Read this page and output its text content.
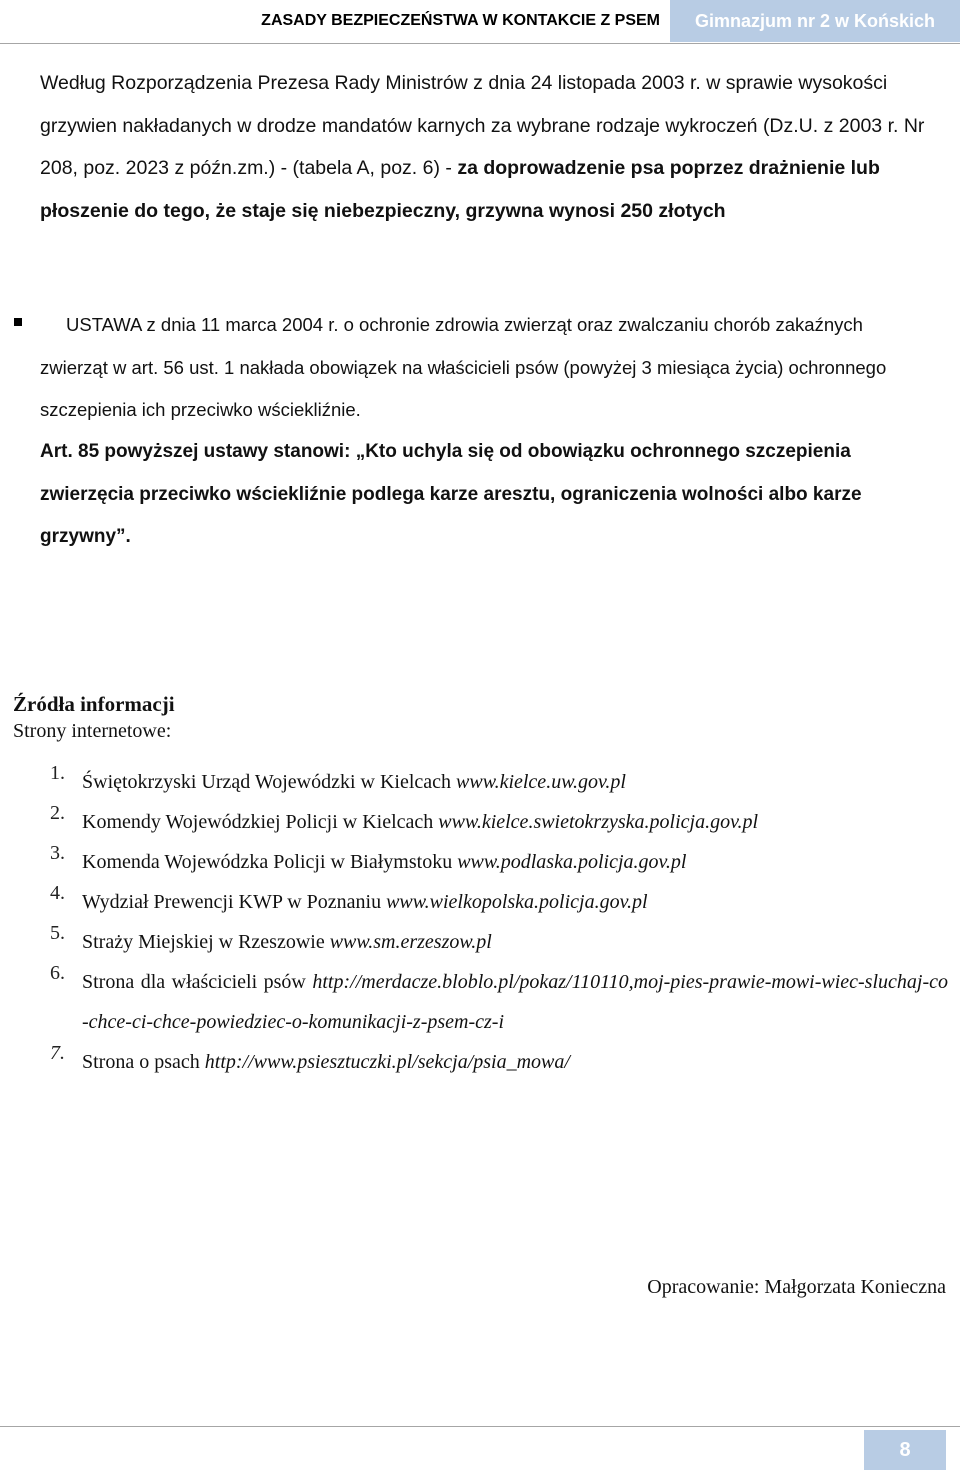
ZASADY BEZPIECZEŃSTWA W KONTAKCIE Z PSEM	Gimnazjum nr 2 w Końskich

Według Rozporządzenia Prezesa Rady Ministrów z dnia 24 listopada 2003 r. w sprawie wysokości grzywien nakładanych w drodze mandatów karnych za wybrane rodzaje wykroczeń (Dz.U. z 2003 r. Nr 208, poz. 2023 z późn.zm.) - (tabela A, poz. 6) - za doprowadzenie psa poprzez drażnienie lub płoszenie do tego, że staje się niebezpieczny, grzywna wynosi 250 złotych

USTAWA z dnia 11 marca 2004 r. o ochronie zdrowia zwierząt oraz zwalczaniu chorób zakaźnych zwierząt w art. 56 ust. 1 nakłada obowiązek na właścicieli psów (powyżej 3 miesiąca życia) ochronnego szczepienia ich przeciwko wściekliźnie.

Art. 85 powyższej ustawy stanowi: „Kto uchyla się od obowiązku ochronnego szczepienia zwierzęcia przeciwko wściekliźnie podlega karze aresztu, ograniczenia wolności albo karze grzywny”.

Źródła informacji
Strony internetowe:
1. Świętokrzyski Urząd Wojewódzki w Kielcach www.kielce.uw.gov.pl
2. Komendy Wojewódzkiej Policji w Kielcach www.kielce.swietokrzyska.policja.gov.pl
3. Komenda Wojewódzka Policji w Białymstoku www.podlaska.policja.gov.pl
4. Wydział Prewencji KWP w Poznaniu www.wielkopolska.policja.gov.pl
5. Straży Miejskiej w Rzeszowie www.sm.erzeszow.pl
6. Strona dla właścicieli psów http://merdacze.bloblo.pl/pokaz/110110,moj-pies-prawie-mowi-wiec-sluchaj-co-chce-ci-chce-powiedziec-o-komunikacji-z-psem-cz-i
7. Strona o psach http://www.psiesztuczki.pl/sekcja/psia_mowa/
Opracowanie: Małgorzata Konieczna
8
